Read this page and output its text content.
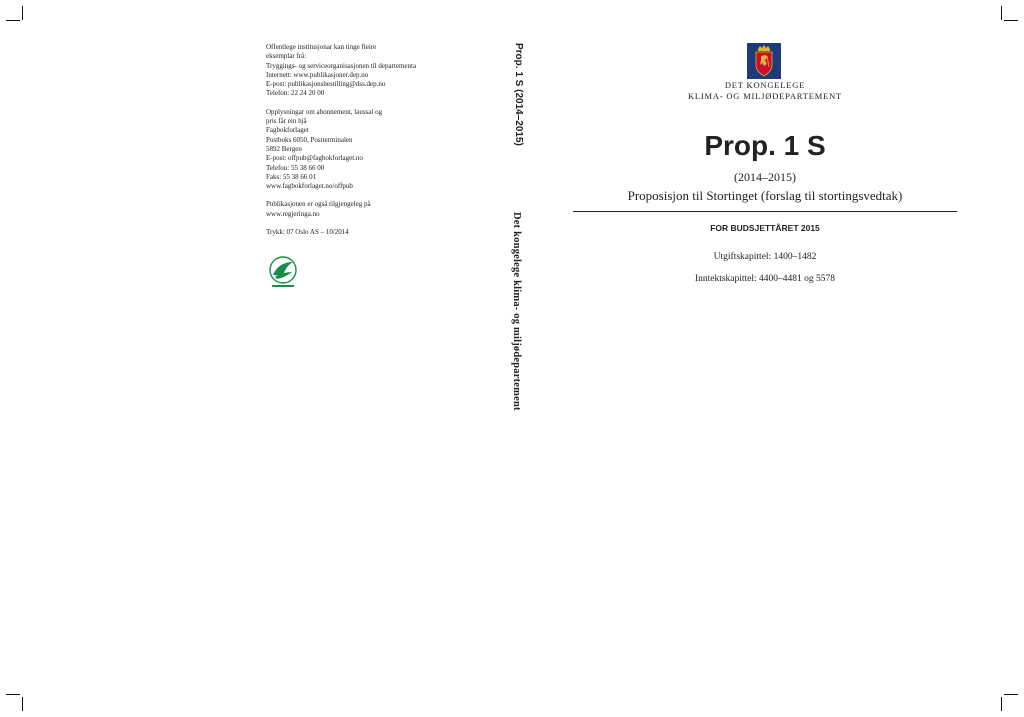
Offentlege institusjonar kan tinge fleire
eksemplar frå:
Tryggings- og serviceorganisasjonen til departementa
Internett: www.publikasjoner.dep.no
E-post: publikasjonsbestilling@dss.dep.no
Telefon: 22 24 20 00
Opplysningar om abonnement, laussal og
pris får ein hjå
Fagbokforlaget
Postboks 6050, Postterminalen
5892 Bergen
E-post: offpub@fagbokforlaget.no
Telefon: 55 38 66 00
Faks: 55 38 66 01
www.fagbokforlaget.no/offpub
Publikasjonen er også tilgjengeleg på
www.regjeringa.no
Trykk: 07 Oslo AS – 10/2014
Prop. 1 S (2014–2015)
Det kongelege klima- og miljødepartement
DET KONGELEGE
KLIMA- OG MILJØDEPARTEMENT
Prop. 1 S
(2014–2015)
Proposisjon til Stortinget (forslag til stortingsvedtak)
FOR BUDSJETTÅRET 2015
Utgiftskapittel: 1400–1482
Inntektskapittel: 4400–4481 og 5578
